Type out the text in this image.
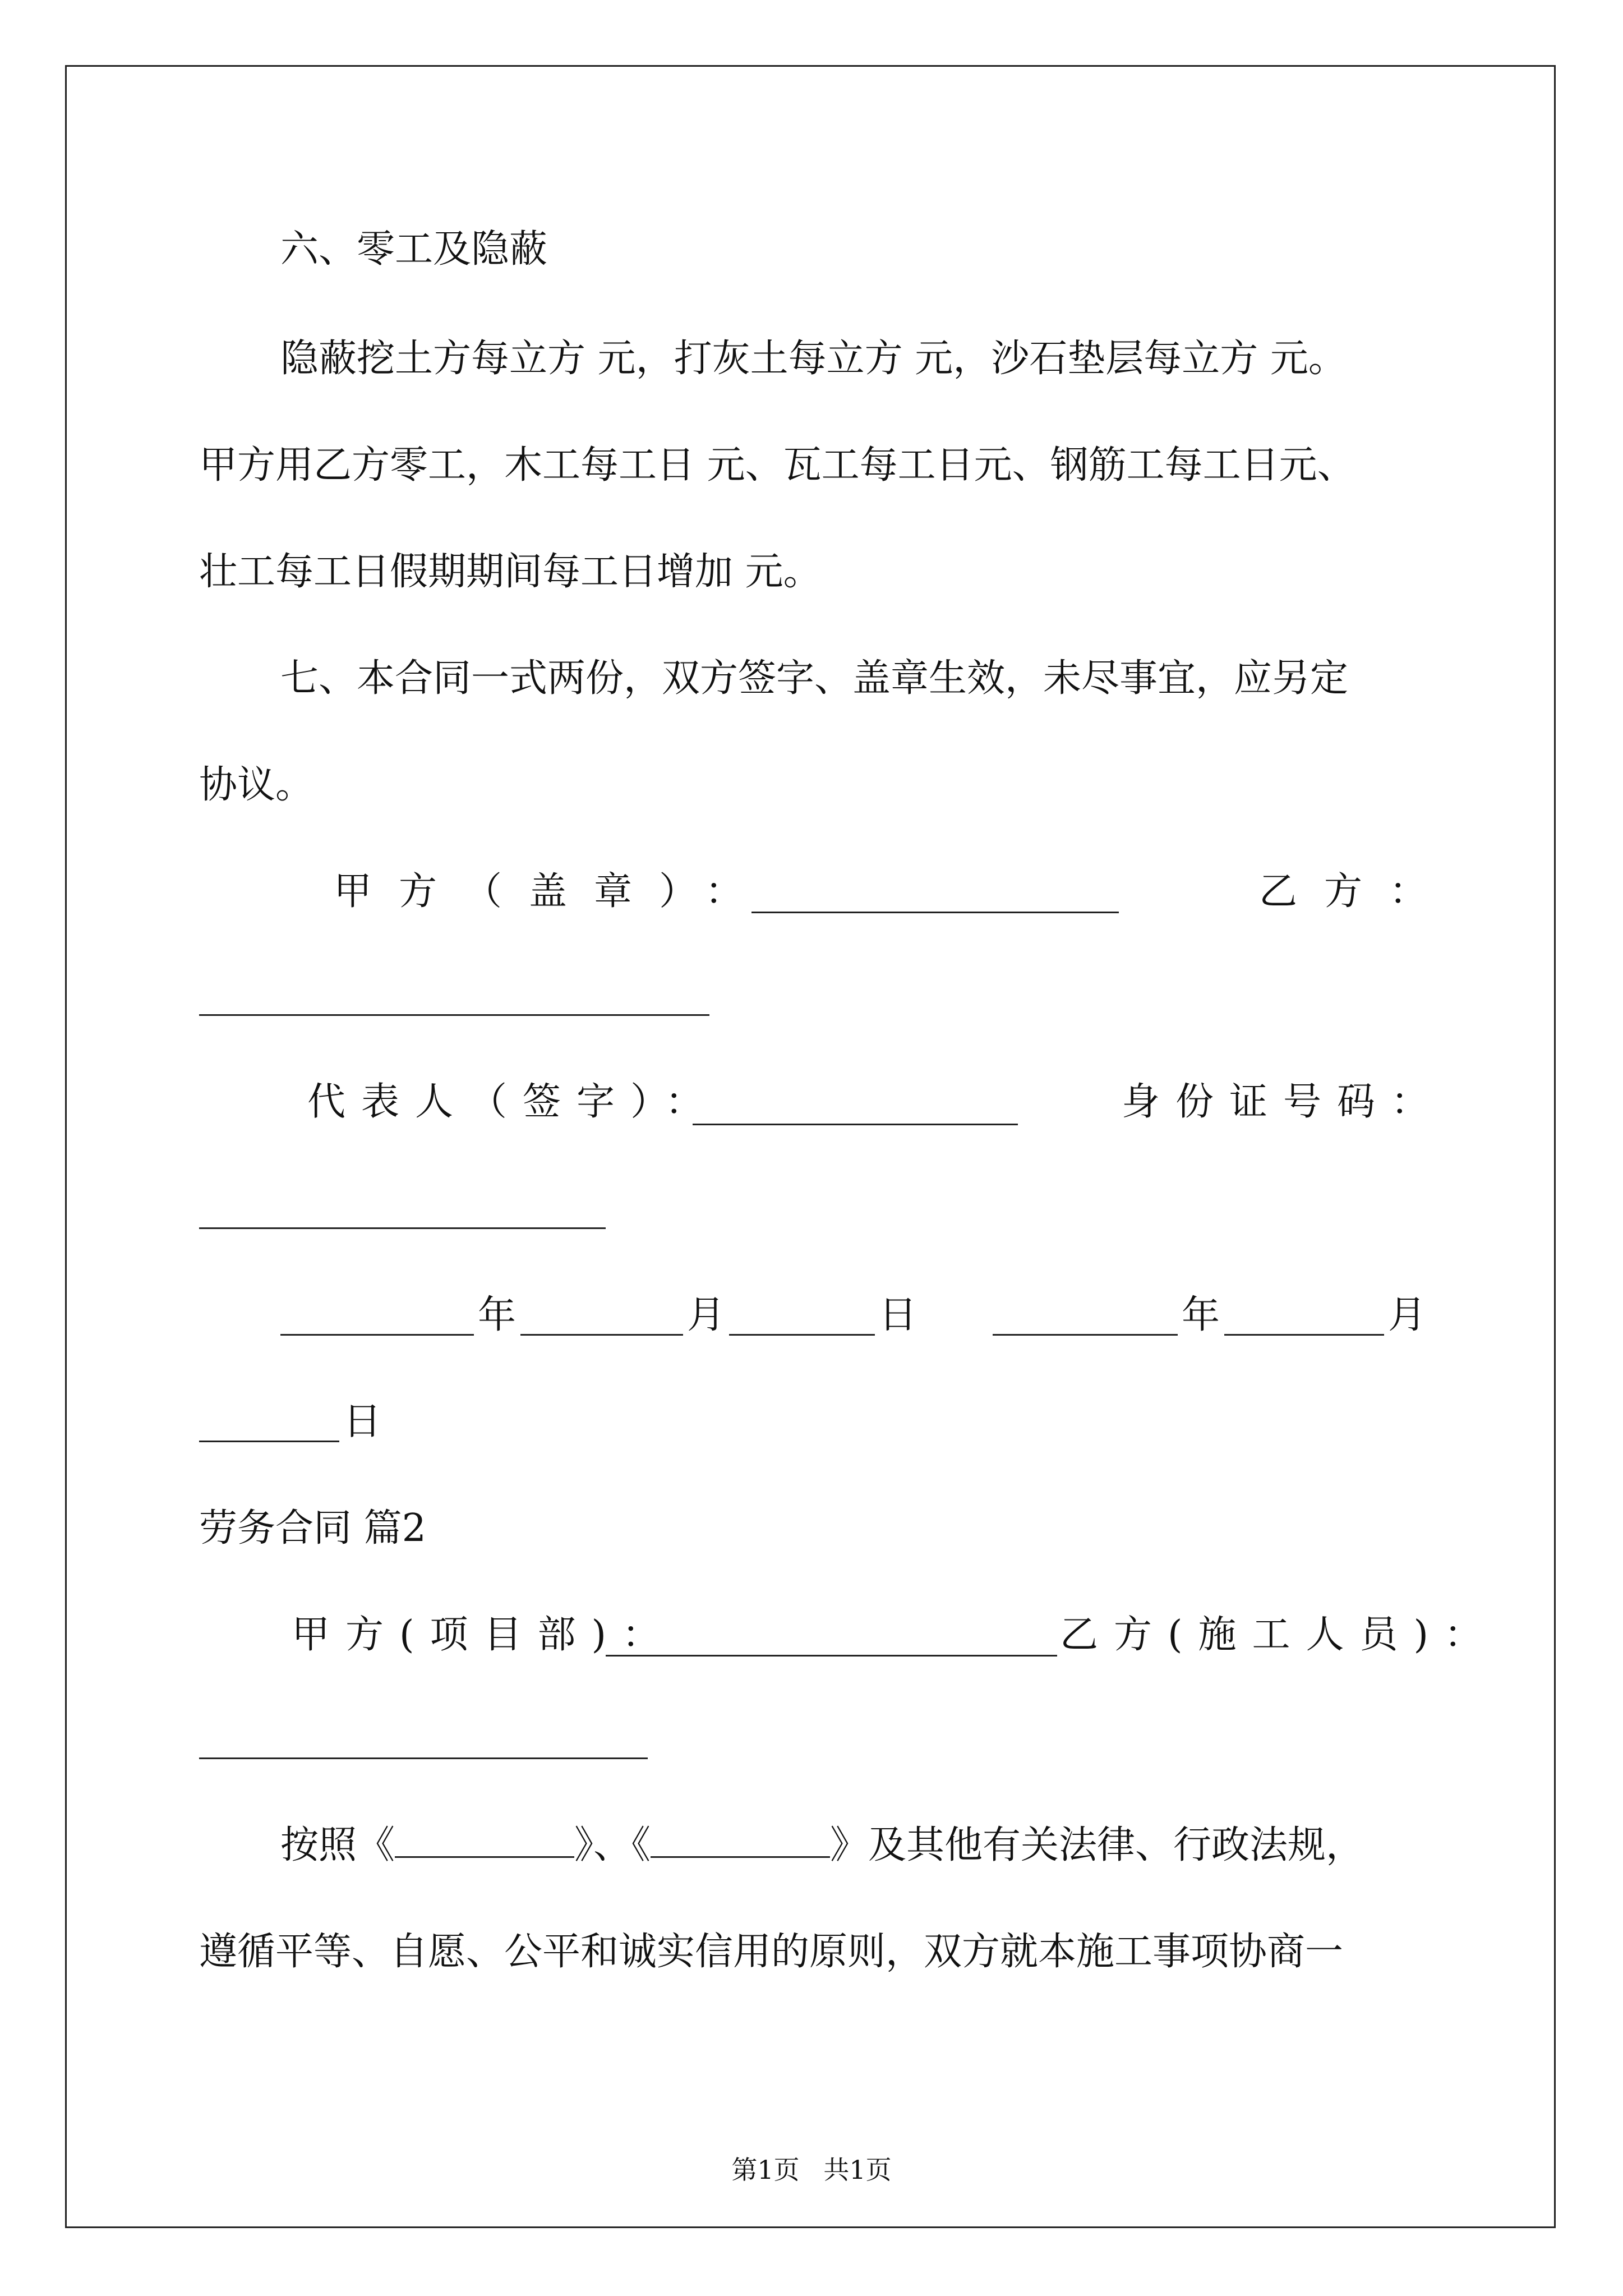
六、零工及隐蔽
隐蔽挖土方每立方 元，打灰土每立方 元，沙石垫层每立方 元。
甲方用乙方零工，木工每工日 元、瓦工每工日元、钢筋工每工日元、
壮工每工日假期期间每工日增加 元。
七、本合同一式两份，双方签字、盖章生效，未尽事宜，应另定
协议。
甲方（盖章）：	乙方：
代表人（签字）：	身份证号码：
年	月	日	年	月
日
劳务合同 篇2
甲方(项目部)：	乙方(施工人员)：
按照《	》、《	》及其他有关法律、行政法规，
遵循平等、自愿、公平和诚实信用的原则，双方就本施工事项协商一
第1页 共1页
